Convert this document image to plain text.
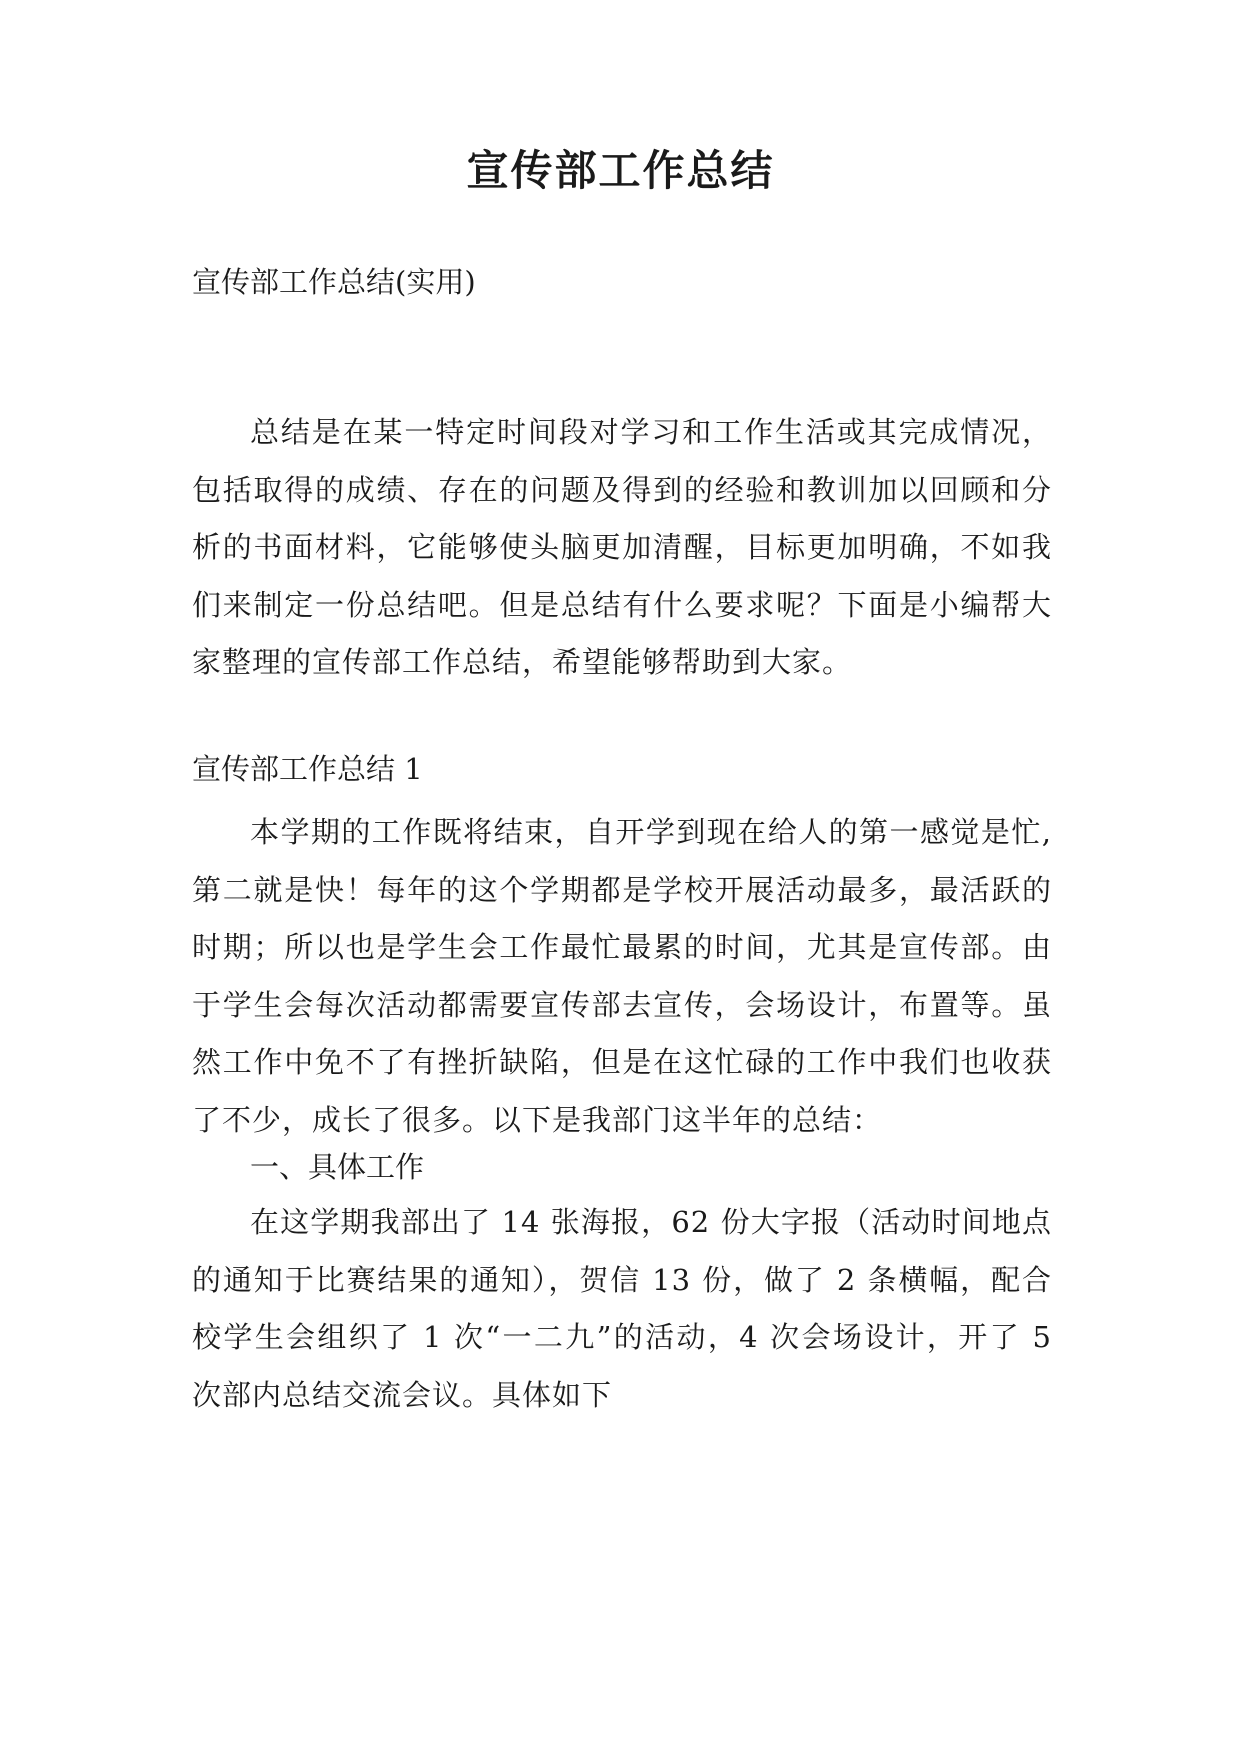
宣传部工作总结
宣传部工作总结(实用)
总结是在某一特定时间段对学习和工作生活或其完成情况，包括取得的成绩、存在的问题及得到的经验和教训加以回顾和分析的书面材料，它能够使头脑更加清醒，目标更加明确，不如我们来制定一份总结吧。但是总结有什么要求呢？下面是小编帮大家整理的宣传部工作总结，希望能够帮助到大家。
宣传部工作总结 1
本学期的工作既将结束，自开学到现在给人的第一感觉是忙,第二就是快！每年的这个学期都是学校开展活动最多，最活跃的时期；所以也是学生会工作最忙最累的时间，尤其是宣传部。由于学生会每次活动都需要宣传部去宣传，会场设计，布置等。虽然工作中免不了有挫折缺陷，但是在这忙碌的工作中我们也收获了不少，成长了很多。以下是我部门这半年的总结：
一、具体工作
在这学期我部出了 14 张海报，62 份大字报（活动时间地点的通知于比赛结果的通知），贺信 13 份，做了 2 条横幅，配合校学生会组织了 1 次“一二九”的活动，4 次会场设计，开了 5 次部内总结交流会议。具体如下
